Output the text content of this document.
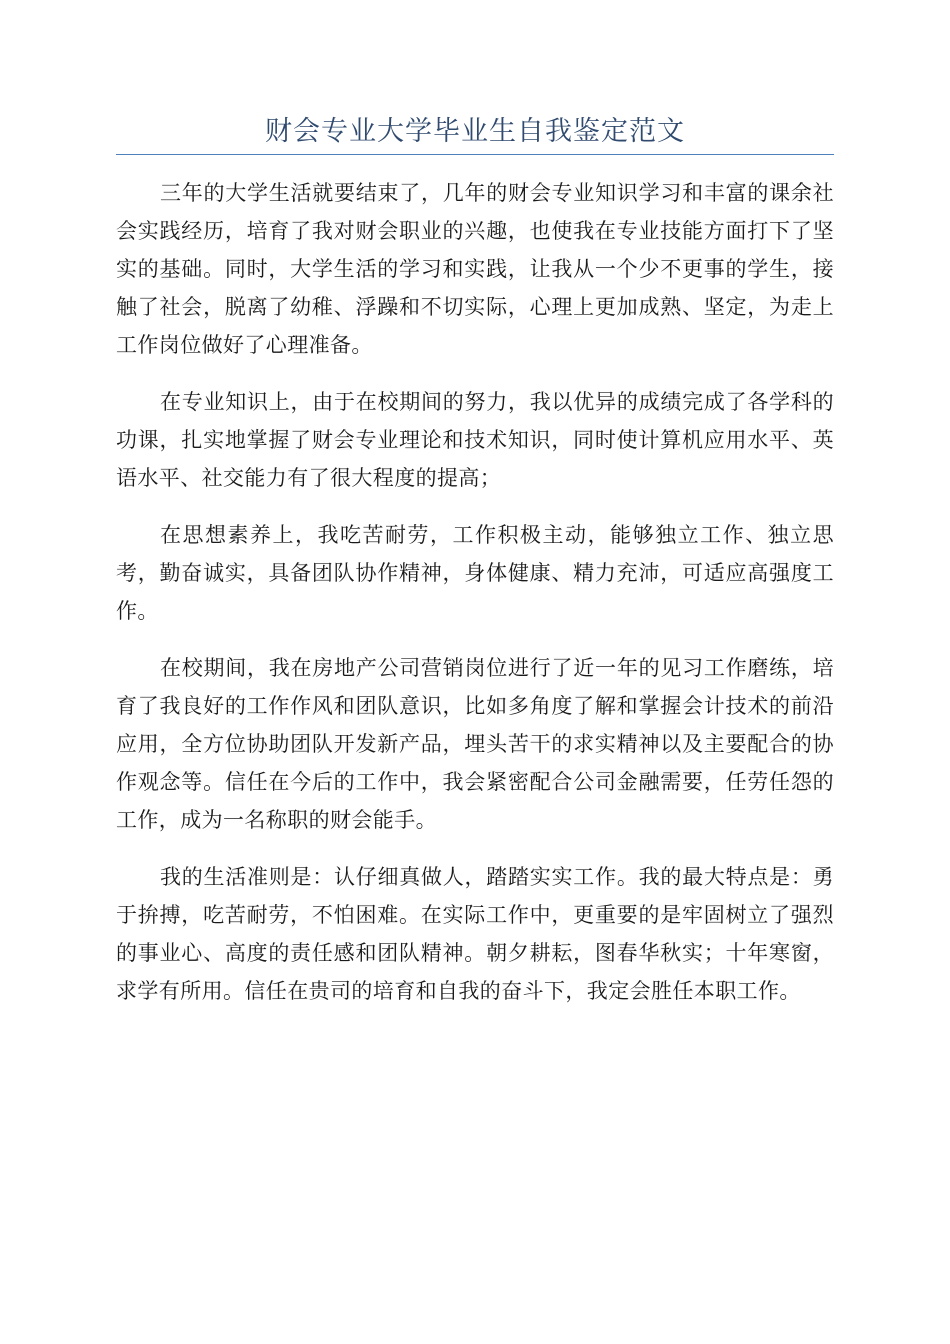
财会专业大学毕业生自我鉴定范文

三年的大学生活就要结束了，几年的财会专业知识学习和丰富的课余社会实践经历，培育了我对财会职业的兴趣，也使我在专业技能方面打下了坚实的基础。同时，大学生活的学习和实践，让我从一个少不更事的学生，接触了社会，脱离了幼稚、浮躁和不切实际，心理上更加成熟、坚定，为走上工作岗位做好了心理准备。

在专业知识上，由于在校期间的努力，我以优异的成绩完成了各学科的功课，扎实地掌握了财会专业理论和技术知识，同时使计算机应用水平、英语水平、社交能力有了很大程度的提高；

在思想素养上，我吃苦耐劳，工作积极主动，能够独立工作、独立思考，勤奋诚实，具备团队协作精神，身体健康、精力充沛，可适应高强度工作。

在校期间，我在房地产公司营销岗位进行了近一年的见习工作磨练，培育了我良好的工作作风和团队意识，比如多角度了解和掌握会计技术的前沿应用，全方位协助团队开发新产品，埋头苦干的求实精神以及主要配合的协作观念等。信任在今后的工作中，我会紧密配合公司金融需要，任劳任怨的工作，成为一名称职的财会能手。

我的生活准则是：认仔细真做人，踏踏实实工作。我的最大特点是：勇于拚搏，吃苦耐劳，不怕困难。在实际工作中，更重要的是牢固树立了强烈的事业心、高度的责任感和团队精神。朝夕耕耘，图春华秋实；十年寒窗，求学有所用。信任在贵司的培育和自我的奋斗下，我定会胜任本职工作。
